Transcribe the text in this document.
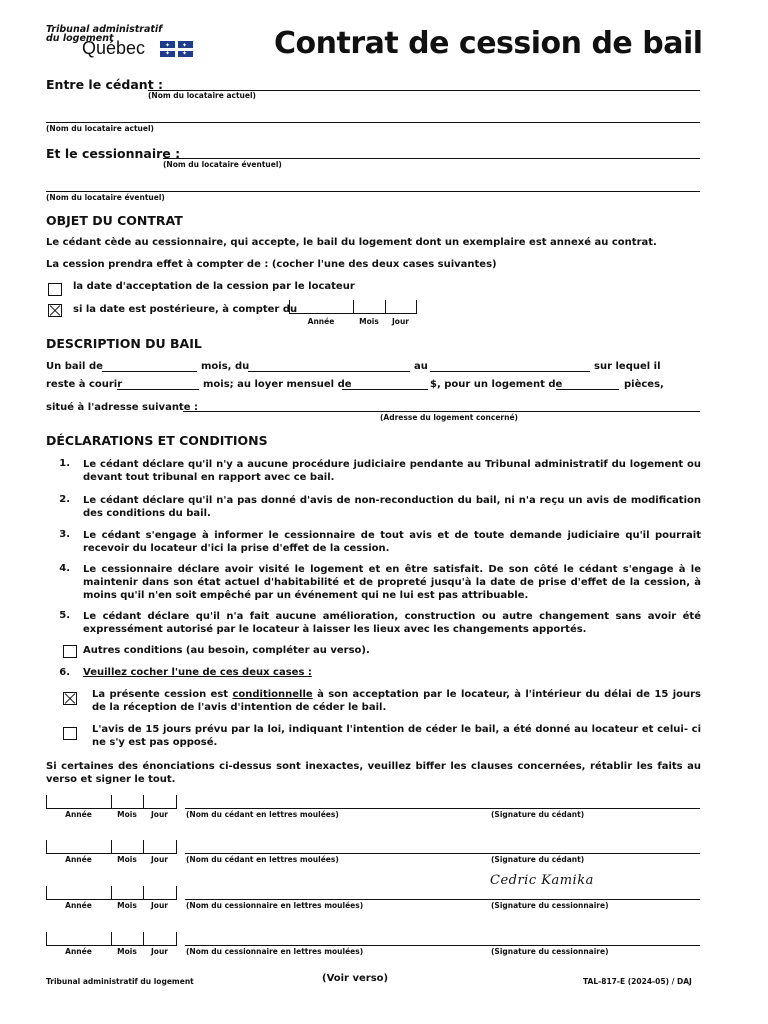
Tribunal administratif
du logement
Québec	✦ ✦
✦ ✦	Contrat de cession de bail
Entre le cédant :
(Nom du locataire actuel)
(Nom du locataire actuel)
Et le cessionnaire :
(Nom du locataire éventuel)
(Nom du locataire éventuel)
OBJET DU CONTRAT
Le cédant cède au cessionnaire, qui accepte, le bail du logement dont un exemplaire est annexé au contrat.
La cession prendra effet à compter de : (cocher l'une des deux cases suivantes)
la date d'acceptation de la cession par le locateur
si la date est postérieure, à compter du
Année	Mois	Jour
DESCRIPTION DU BAIL
Un bail de	mois, du	au	sur lequel il
reste à courir	mois; au loyer mensuel de	$, pour un logement de	pièces,
situé à l'adresse suivante :
(Adresse du logement concerné)
DÉCLARATIONS ET CONDITIONS
1. Le cédant déclare qu'il n'y a aucune procédure judiciaire pendante au Tribunal administratif du logement ou devant tout tribunal en rapport avec ce bail.
2. Le cédant déclare qu'il n'a pas donné d'avis de non-reconduction du bail, ni n'a reçu un avis de modification des conditions du bail.
3. Le cédant s'engage à informer le cessionnaire de tout avis et de toute demande judiciaire qu'il pourrait recevoir du locateur d'ici la prise d'effet de la cession.
4. Le cessionnaire déclare avoir visité le logement et en être satisfait. De son côté le cédant s'engage à le maintenir dans son état actuel d'habitabilité et de propreté jusqu'à la date de prise d'effet de la cession, à moins qu'il n'en soit empêché par un événement qui ne lui est pas attribuable.
5. Le cédant déclare qu'il n'a fait aucune amélioration, construction ou autre changement sans avoir été expressément autorisé par le locateur à laisser les lieux avec les changements apportés.
Autres conditions (au besoin, compléter au verso).
6. Veuillez cocher l'une de ces deux cases :
La présente cession est conditionnelle à son acceptation par le locateur, à l'intérieur du délai de 15 jours de la réception de l'avis d'intention de céder le bail.
L'avis de 15 jours prévu par la loi, indiquant l'intention de céder le bail, a été donné au locateur et celui- ci ne s'y est pas opposé.
Si certaines des énonciations ci-dessus sont inexactes, veuillez biffer les clauses concernées, rétablir les faits au verso et signer le tout.
Année	Mois	Jour	(Nom du cédant en lettres moulées)	(Signature du cédant)
Année	Mois	Jour	(Nom du cédant en lettres moulées)	(Signature du cédant)
Année	Mois	Jour	(Nom du cessionnaire en lettres moulées)	(Signature du cessionnaire)
Cedric Kamika
Année	Mois	Jour	(Nom du cessionnaire en lettres moulées)	(Signature du cessionnaire)
Tribunal administratif du logement	(Voir verso)	TAL-817-E (2024-05) / DAJ
